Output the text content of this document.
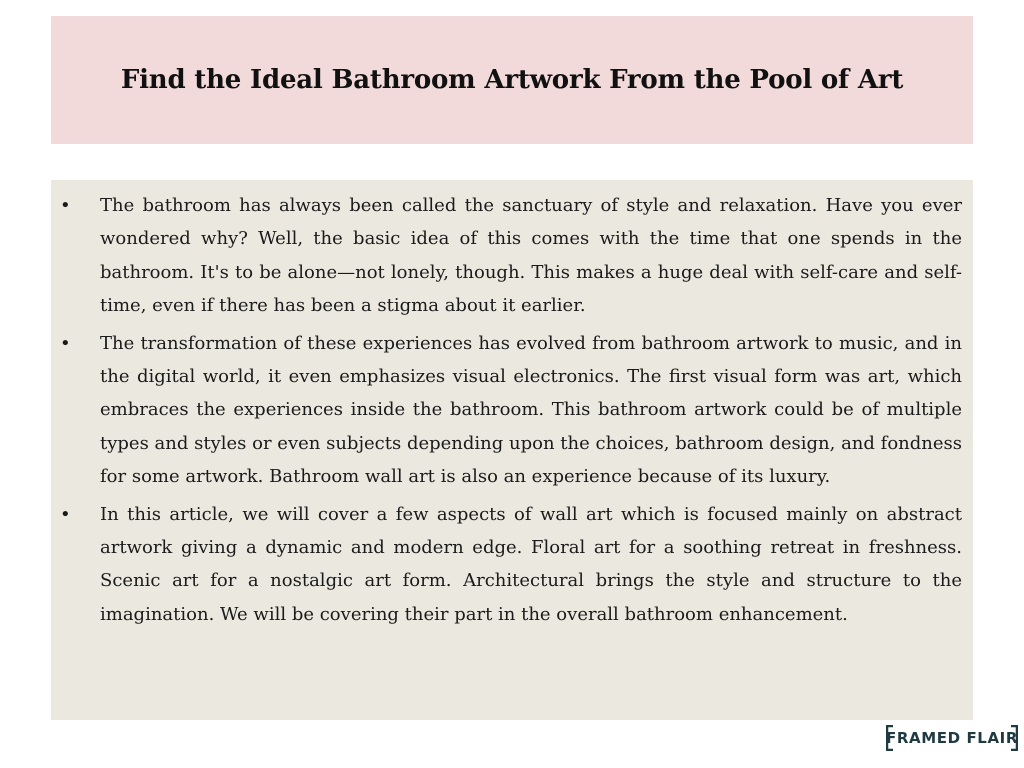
Find the Ideal Bathroom Artwork From the Pool of Art
• The bathroom has always been called the sanctuary of style and relaxation. Have you ever wondered why? Well, the basic idea of this comes with the time that one spends in the bathroom. It's to be alone—not lonely, though. This makes a huge deal with self-care and self-time, even if there has been a stigma about it earlier.
• The transformation of these experiences has evolved from bathroom artwork to music, and in the digital world, it even emphasizes visual electronics. The first visual form was art, which embraces the experiences inside the bathroom. This bathroom artwork could be of multiple types and styles or even subjects depending upon the choices, bathroom design, and fondness for some artwork. Bathroom wall art is also an experience because of its luxury.
• In this article, we will cover a few aspects of wall art which is focused mainly on abstract artwork giving a dynamic and modern edge. Floral art for a soothing retreat in freshness. Scenic art for a nostalgic art form. Architectural brings the style and structure to the imagination. We will be covering their part in the overall bathroom enhancement.
FRAMED FLAIR
